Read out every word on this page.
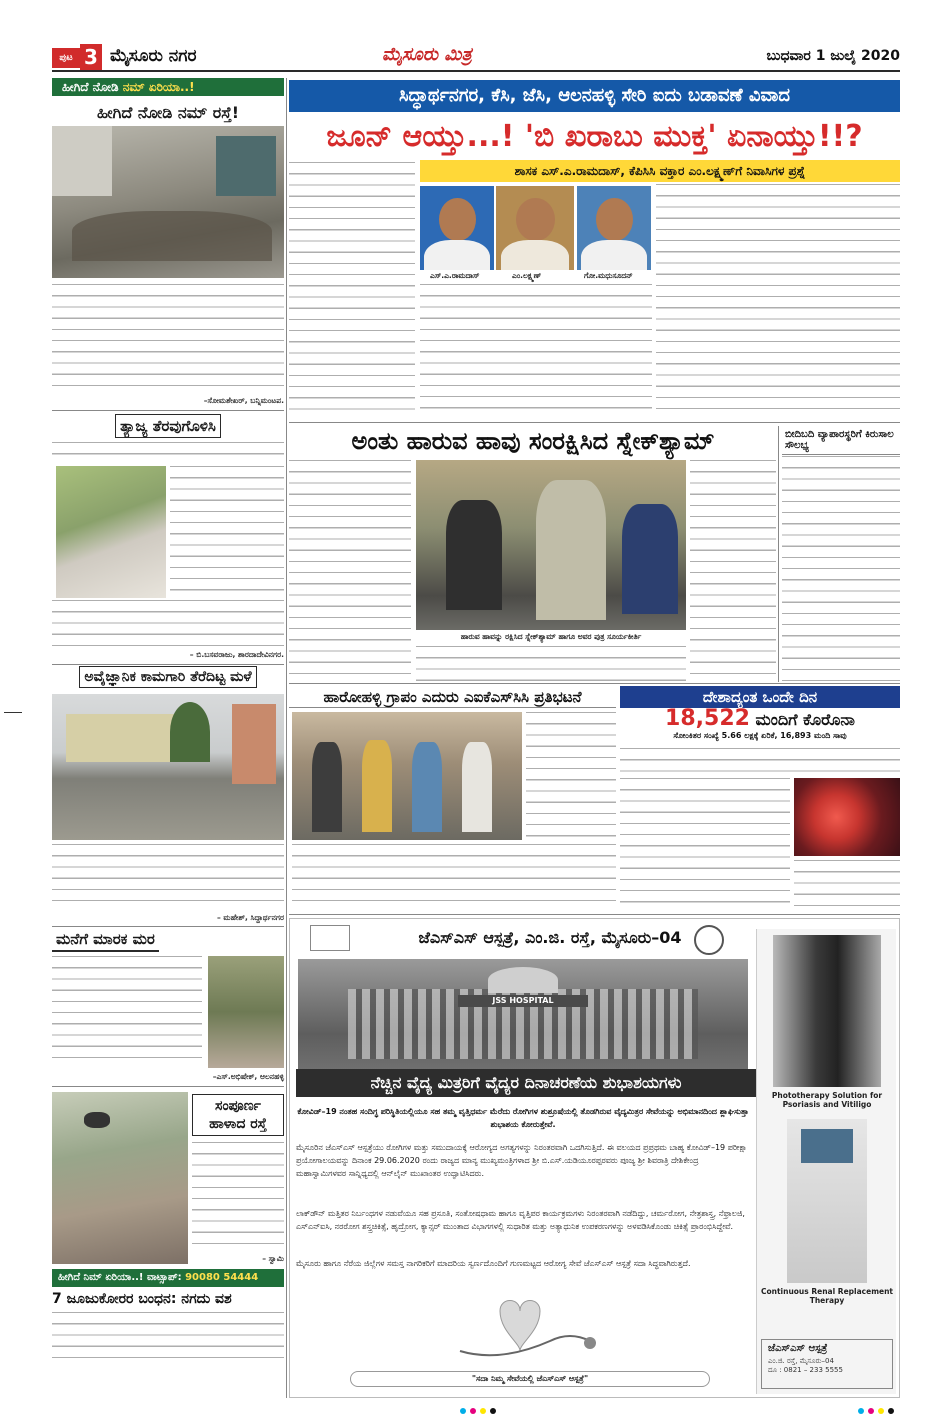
ಪುಟ 3 ಮೈಸೂರು ನಗರ	ಮೈಸೂರು ಮಿತ್ರ	ಬುಧವಾರ 1 ಜುಲೈ 2020
ಹೀಗಿದೆ ನೋಡಿ ನಮ್ ಏರಿಯಾ..!
ಹೀಗಿದೆ ನೋಡಿ ನಮ್ ರಸ್ತೆ!
–ಸೋಮಶೇಖರ್, ಬನ್ನಿಮಂಟಪ.
ತ್ಯಾಜ್ಯ ತೆರವುಗೊಳಿಸಿ
– ಬಿ.ಬಸವರಾಜು, ಶಾರದಾದೇವಿನಗರ.
ಅವೈಜ್ಞಾನಿಕ ಕಾಮಗಾರಿ ತೆರೆದಿಟ್ಟ ಮಳೆ
– ಮಹೇಶ್, ಸಿದ್ದಾರ್ಥನಗರ
ಮನೆಗೆ ಮಾರಕ ಮರ
–ಎಸ್.ಅಭಿಷೇಕ್, ಆಲನಹಳ್ಳಿ
ಸಂಪೂರ್ಣ ಹಾಳಾದ ರಸ್ತೆ
– ಸ್ವಾಮಿ
ಹೀಗಿದೆ ನಿಮ್ ಏರಿಯಾ..! ವಾಟ್ಸಾಪ್: 90080 54444
7 ಜೂಜುಕೋರರ ಬಂಧನ: ನಗದು ವಶ
ಸಿದ್ಧಾರ್ಥನಗರ, ಕೆಸಿ, ಜೆಸಿ, ಆಲನಹಳ್ಳಿ ಸೇರಿ ಐದು ಬಡಾವಣೆ ವಿವಾದ
ಜೂನ್ ಆಯ್ತು...! 'ಬಿ ಖರಾಬು ಮುಕ್ತ' ಏನಾಯ್ತು!!?
ಶಾಸಕ ಎಸ್.ಎ.ರಾಮದಾಸ್, ಕೆಪಿಸಿಸಿ ವಕ್ತಾರ ಎಂ.ಲಕ್ಷ್ಮಣ್‌ಗೆ ನಿವಾಸಿಗಳ ಪ್ರಶ್ನೆ
ಎಸ್.ಎ.ರಾಮದಾಸ್	ಎಂ.ಲಕ್ಷ್ಮಣ್	ಗೋ.ಮಧುಸೂದನ್
ಅಂತು ಹಾರುವ ಹಾವು ಸಂರಕ್ಷಿಸಿದ ಸ್ನೇಕ್‌ಶ್ಯಾಮ್
ಹಾರುವ ಹಾವನ್ನು ರಕ್ಷಿಸಿದ ಸ್ನೇಕ್‌ಶ್ಯಾಮ್ ಹಾಗೂ ಅವರ ಪುತ್ರ ಸೂರ್ಯಕೀರ್ತಿ
ಬೀದಿಬದಿ ವ್ಯಾಪಾರಸ್ಥರಿಗೆ ಕಿರುಸಾಲ ಸೌಲಭ್ಯ
ಹಾರೋಹಳ್ಳಿ ಗ್ರಾಪಂ ಎದುರು ಎಐಕೆಎಸ್‌ಸಿಸಿ ಪ್ರತಿಭಟನೆ	ದೇಶಾದ್ಯಂತ ಒಂದೇ ದಿನ
18,522 ಮಂದಿಗೆ ಕೊರೊನಾ
ಸೋಂಕಿತರ ಸಂಖ್ಯೆ 5.66 ಲಕ್ಷಕ್ಕೆ ಏರಿಕೆ, 16,893 ಮಂದಿ ಸಾವು
ಜೆಎಸ್‌ಎಸ್ ಆಸ್ಪತ್ರೆ, ಎಂ.ಜಿ. ರಸ್ತೆ, ಮೈಸೂರು–04
JSS HOSPITAL
ನೆಚ್ಚಿನ ವೈದ್ಯ ಮಿತ್ರರಿಗೆ ವೈದ್ಯರ ದಿನಾಚರಣೆಯ ಶುಭಾಶಯಗಳು
ಕೋವಿಡ್–19 ನಂತಹ ಸಂದಿಗ್ಧ ಪರಿಸ್ಥಿತಿಯಲ್ಲಿಯೂ ಸಹ ತಮ್ಮ ವೃತ್ತಿಧರ್ಮ ಮೆರೆದು ರೋಗಿಗಳ ಶುಶ್ರೂಷೆಯಲ್ಲಿ ತೊಡಗಿರುವ ವೈದ್ಯಮಿತ್ರರ ಸೇವೆಯನ್ನು ಅಭಿಮಾನದಿಂದ ಶ್ಲಾಘಿಸುತ್ತಾ ಶುಭಾಶಯ ಕೋರುತ್ತೇವೆ.
ಮೈಸೂರಿನ ಜೆಎಸ್‌ಎಸ್ ಆಸ್ಪತ್ರೆಯು ರೋಗಿಗಳ ಮತ್ತು ಸಮುದಾಯಕ್ಕೆ ಆರೋಗ್ಯದ ಅಗತ್ಯಗಳನ್ನು ನಿರಂತರವಾಗಿ ಒದಗಿಸುತ್ತಿದೆ. ಈ ವಲಯದ ಪ್ರಪ್ರಥಮ ಬಾಹ್ಯ ಕೋವಿಡ್–19 ಪರೀಕ್ಷಾ ಪ್ರಯೋಗಾಲಯವನ್ನು ದಿನಾಂಕ 29.06.2020 ರಂದು ರಾಜ್ಯದ ಮಾನ್ಯ ಮುಖ್ಯಮಂತ್ರಿಗಳಾದ ಶ್ರೀ ಬಿ.ಎಸ್.ಯಡಿಯೂರಪ್ಪರವರು ಪೂಜ್ಯ ಶ್ರೀ ಶಿವರಾತ್ರಿ ದೇಶಿಕೇಂದ್ರ ಮಹಾಸ್ವಾಮಿಗಳವರ ಸಾನ್ನಿಧ್ಯದಲ್ಲಿ ಆನ್‌ಲೈನ್ ಮುಖಾಂತರ ಉದ್ಘಾಟಿಸಿದರು.
ಲಾಕ್‌ಡೌನ್ ಮತ್ತಿತರ ನಿರ್ಬಂಧಗಳ ನಡುವೆಯೂ ಸಹ ಪ್ರಸೂತಿ, ಸಂತೋಷಧಾಮ ಹಾಗೂ ವೃತ್ತಿಪರ ಕಾರ್ಯಕ್ರಮಗಳು ನಿರಂತರವಾಗಿ ನಡೆದಿದ್ದು, ಚರ್ಮರೋಗ, ನೇತ್ರಶಾಸ್ತ್ರ, ನೆಫ್ರಾಲಜಿ, ಎಸ್‌ಎನ್‌ಐಸಿ, ನರರೋಗ ಶಸ್ತ್ರಚಿಕಿತ್ಸೆ, ಹೃದ್ರೋಗ, ಕ್ಯಾನ್ಸರ್ ಮುಂತಾದ ವಿಭಾಗಗಳಲ್ಲಿ ಸುಧಾರಿತ ಮತ್ತು ಅತ್ಯಾಧುನಿಕ ಉಪಕರಣಗಳನ್ನು ಅಳವಡಿಸಿಕೊಂಡು ಚಿಕಿತ್ಸೆ ಪ್ರಾರಂಭಿಸಿದ್ದೇವೆ.
ಮೈಸೂರು ಹಾಗೂ ನೆರೆಯ ಜಿಲ್ಲೆಗಳ ಸಮಸ್ತ ನಾಗರಿಕರಿಗೆ ಮಾದರಿಯ ಸ್ವರ್ಣದೊಂದಿಗೆ ಗುಣಮಟ್ಟದ ಆರೋಗ್ಯ ಸೇವೆ ಜೆಎಸ್‌ಎಸ್ ಆಸ್ಪತ್ರೆ ಸದಾ ಸಿದ್ಧವಾಗಿರುತ್ತದೆ.
"ಸದಾ ನಿಮ್ಮ ಸೇವೆಯಲ್ಲಿ ಜೆಎಸ್‌ಎಸ್ ಆಸ್ಪತ್ರೆ"
Phototherapy Solution for Psoriasis and Vitiligo
Continuous Renal Replacement Therapy
ಜೆಎಸ್‌ಎಸ್ ಆಸ್ಪತ್ರೆ
ಎಂ.ಜಿ. ರಸ್ತೆ, ಮೈಸೂರು–04
ದೂ : 0821 – 233 5555
